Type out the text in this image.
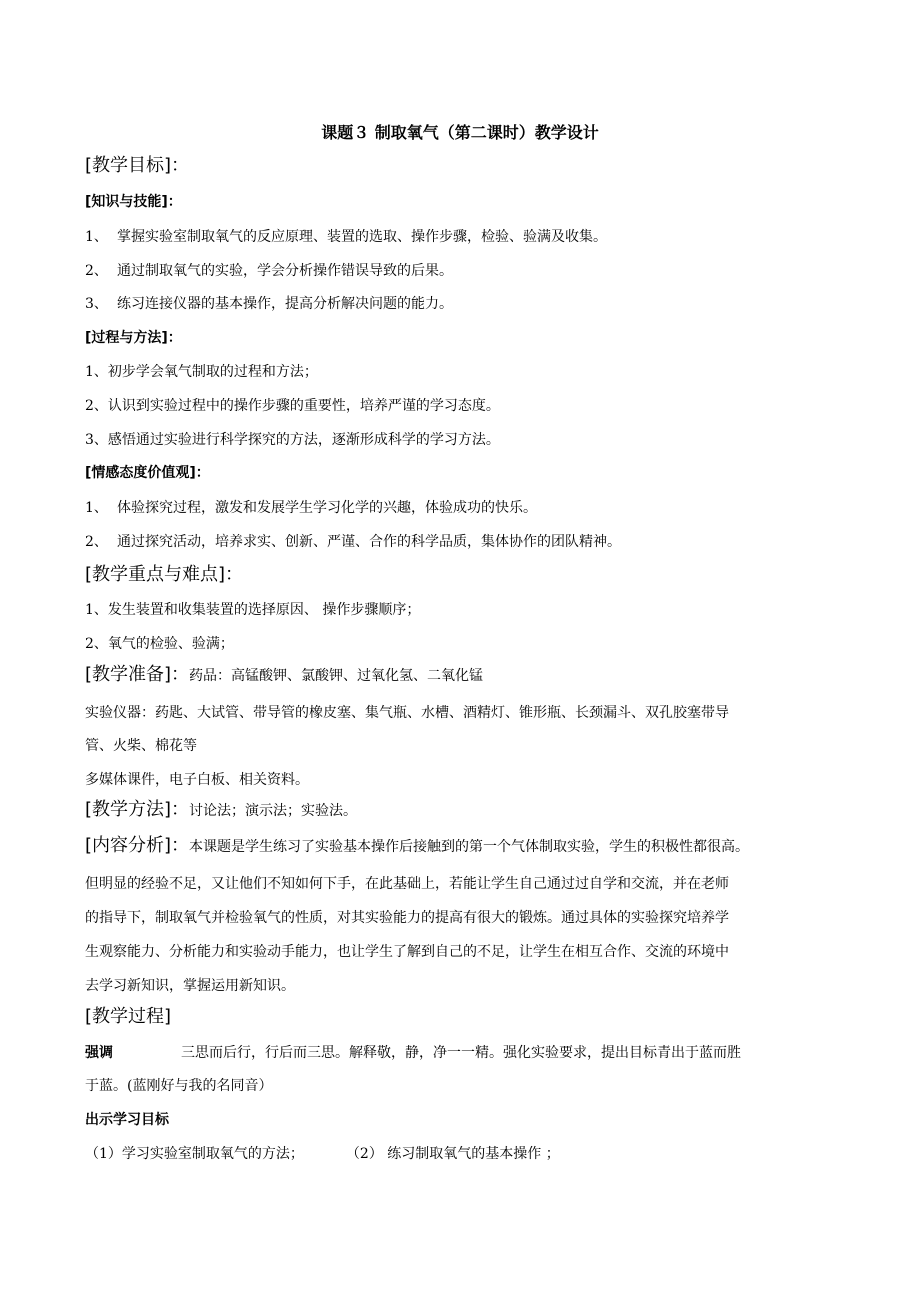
课题３ 制取氧气（第二课时）教学设计
[教学目标]：
[知识与技能]：
1、 掌握实验室制取氧气的反应原理、装置的选取、操作步骤，检验、验满及收集。
2、 通过制取氧气的实验，学会分析操作错误导致的后果。
3、 练习连接仪器的基本操作，提高分析解决问题的能力。
[过程与方法]：
1、初步学会氧气制取的过程和方法；
2、认识到实验过程中的操作步骤的重要性，培养严谨的学习态度。
3、感悟通过实验进行科学探究的方法，逐渐形成科学的学习方法。
[情感态度价值观]：
1、 体验探究过程，激发和发展学生学习化学的兴趣，体验成功的快乐。
2、 通过探究活动，培养求实、创新、严谨、合作的科学品质，集体协作的团队精神。
[教学重点与难点]：
1、发生装置和收集装置的选择原因、 操作步骤顺序；
2、氧气的检验、验满；
[教学准备]：药品：高锰酸钾、氯酸钾、过氧化氢、二氧化锰
实验仪器：药匙、大试管、带导管的橡皮塞、集气瓶、水槽、酒精灯、锥形瓶、长颈漏斗、双孔胶塞带导
管、火柴、棉花等
多媒体课件，电子白板、相关资料。
[教学方法]：讨论法；演示法；实验法。
[内容分析]：本课题是学生练习了实验基本操作后接触到的第一个气体制取实验，学生的积极性都很高。
但明显的经验不足，又让他们不知如何下手，在此基础上，若能让学生自己通过过自学和交流，并在老师
的指导下，制取氧气并检验氧气的性质，对其实验能力的提高有很大的锻炼。通过具体的实验探究培养学
生观察能力、分析能力和实验动手能力，也让学生了解到自己的不足，让学生在相互合作、交流的环境中
去学习新知识，掌握运用新知识。
[教学过程]
强调	三思而后行，行后而三思。解释敬，静，净一一精。强化实验要求，提出目标青出于蓝而胜
于蓝。(蓝刚好与我的名同音）
出示学习目标
（1）学习实验室制取氧气的方法；	（2） 练习制取氧气的基本操作 ；
